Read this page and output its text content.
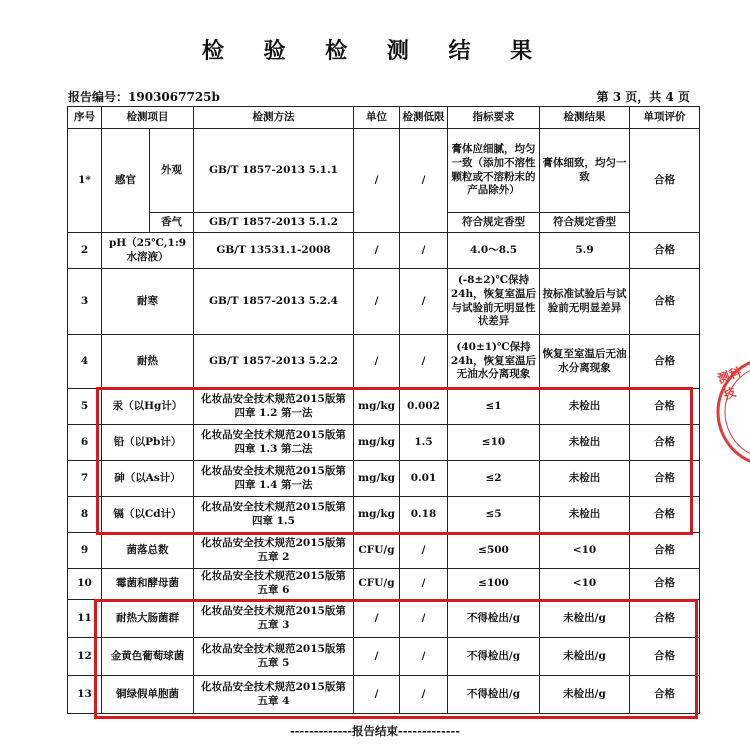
检 验 检 测 结 果
报告编号：1903067725b	第 3 页，共 4 页
序号	检测项目		检测方法	单位	检测低限	指标要求	检测结果	单项评价
1*	感官	外观	GB/T 1857-2013 5.1.1	/	/	膏体应细腻，均匀一致（添加不溶性颗粒或不溶粉末的产品除外）	膏体细致，均匀一致	合格
		香气	GB/T 1857-2013 5.1.2			符合规定香型	符合规定香型	
2	pH（25℃,1:9水溶液）		GB/T 13531.1-2008	/	/	4.0～8.5	5.9	合格
3	耐寒		GB/T 1857-2013 5.2.4	/	/	(-8±2)℃保持24h，恢复室温后与试验前无明显性状差异	按标准试验后与试验前无明显差异	合格
4	耐热		GB/T 1857-2013 5.2.2	/	/	(40±1)℃保持24h，恢复室温后无油水分离现象	恢复至室温后无油水分离现象	合格
5	汞（以Hg计）		化妆品安全技术规范2015版第四章 1.2 第一法	mg/kg	0.002	≤1	未检出	合格
6	铅（以Pb计）		化妆品安全技术规范2015版第四章 1.3 第二法	mg/kg	1.5	≤10	未检出	合格
7	砷（以As计）		化妆品安全技术规范2015版第四章 1.4 第一法	mg/kg	0.01	≤2	未检出	合格
8	镉（以Cd计）		化妆品安全技术规范2015版第四章 1.5	mg/kg	0.18	≤5	未检出	合格
9	菌落总数		化妆品安全技术规范2015版第五章 2	CFU/g	/	≤500	<10	合格
10	霉菌和酵母菌		化妆品安全技术规范2015版第五章 6	CFU/g	/	≤100	<10	合格
11	耐热大肠菌群		化妆品安全技术规范2015版第五章 3	/	/	不得检出/g	未检出/g	合格
12	金黄色葡萄球菌		化妆品安全技术规范2015版第五章 5	/	/	不得检出/g	未检出/g	合格
13	铜绿假单胞菌		化妆品安全技术规范2015版第五章 4	/	/	不得检出/g	未检出/g	合格
测科技
-------------报告结束-------------
